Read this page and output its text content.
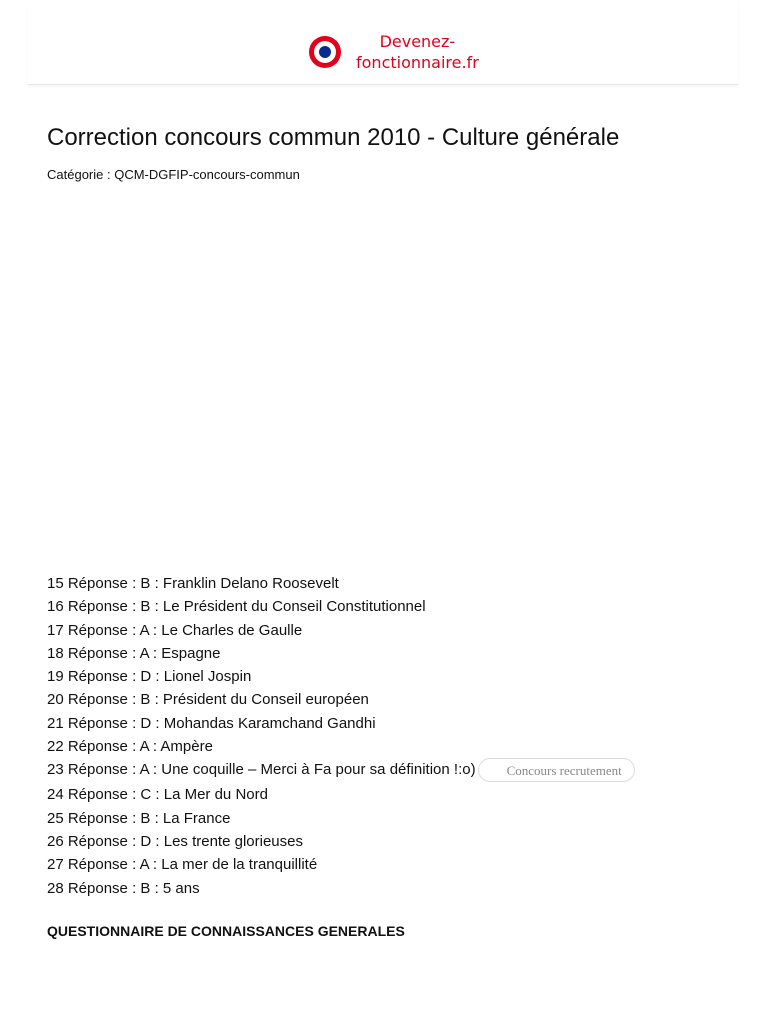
Devenez-
fonctionnaire.fr
Correction concours commun 2010 - Culture générale
Catégorie : QCM-DGFIP-concours-commun
15 Réponse : B : Franklin Delano Roosevelt
16 Réponse : B : Le Président du Conseil Constitutionnel
17 Réponse : A : Le Charles de Gaulle
18 Réponse : A : Espagne
19 Réponse : D : Lionel Jospin
20 Réponse : B : Président du Conseil européen
21 Réponse : D : Mohandas Karamchand Gandhi
22 Réponse : A : Ampère
23 Réponse : A : Une coquille – Merci à Fa pour sa définition !:o)	Concours recrutement
24 Réponse : C : La Mer du Nord
25 Réponse : B : La France
26 Réponse : D : Les trente glorieuses
27 Réponse : A : La mer de la tranquillité
28 Réponse : B : 5 ans
QUESTIONNAIRE DE CONNAISSANCES GENERALES
